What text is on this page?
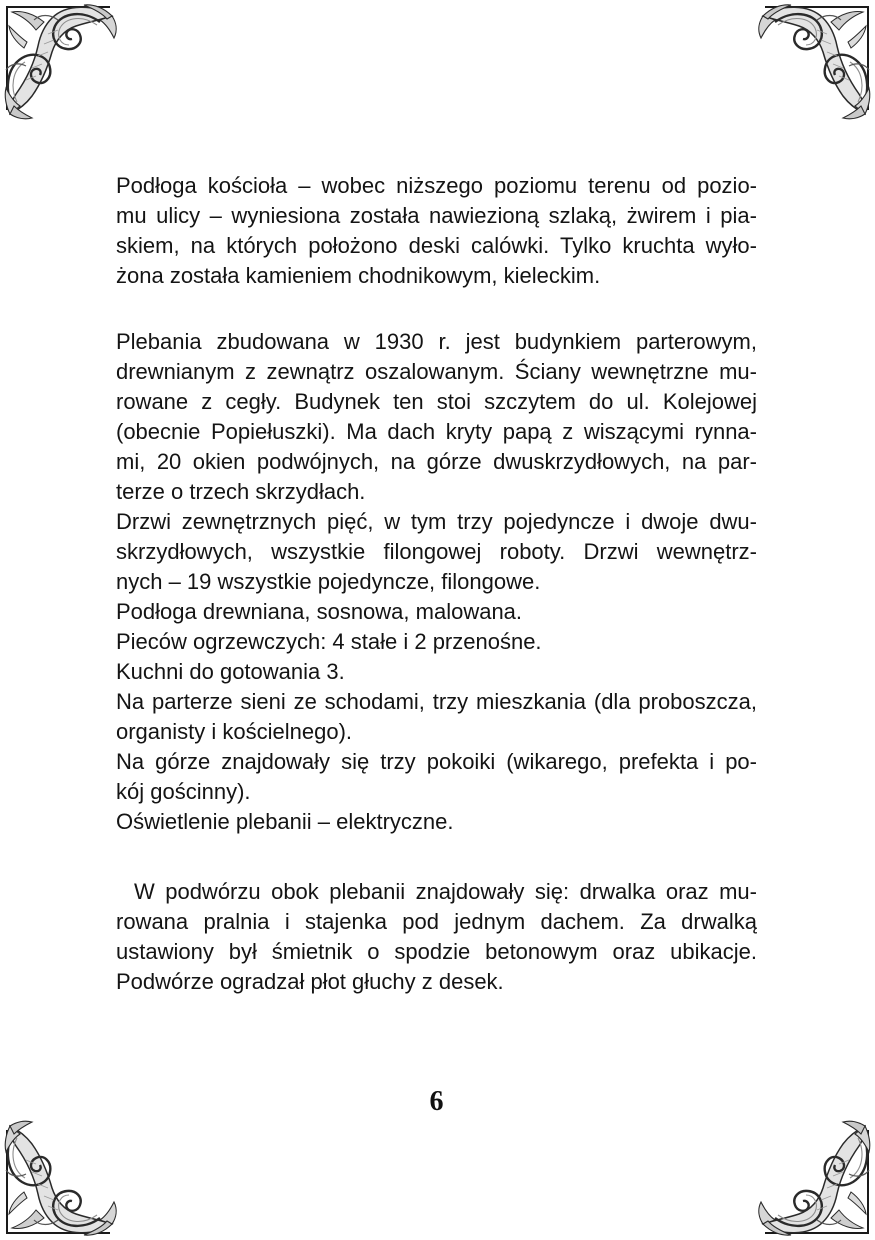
Podłoga kościoła – wobec niższego poziomu terenu od pozio-
mu ulicy – wyniesiona została nawiezioną szlaką, żwirem i pia-
skiem, na których położono deski calówki. Tylko kruchta wyło-
żona została kamieniem chodnikowym, kieleckim.
Plebania zbudowana w 1930 r. jest budynkiem parterowym,
drewnianym z zewnątrz oszalowanym. Ściany wewnętrzne mu-
rowane z cegły. Budynek ten stoi szczytem do ul. Kolejowej
(obecnie Popiełuszki). Ma dach kryty papą z wiszącymi rynna-
mi, 20 okien podwójnych, na górze dwuskrzydłowych, na par-
terze o trzech skrzydłach.
Drzwi zewnętrznych pięć, w tym trzy pojedyncze i dwoje dwu-
skrzydłowych, wszystkie filongowej roboty. Drzwi wewnętrz-
nych – 19 wszystkie pojedyncze, filongowe.
Podłoga drewniana, sosnowa, malowana.
Pieców ogrzewczych: 4 stałe i 2 przenośne.
Kuchni do gotowania 3.
Na parterze sieni ze schodami, trzy mieszkania (dla proboszcza,
organisty i kościelnego).
Na górze znajdowały się trzy pokoiki (wikarego, prefekta i po-
kój gościnny).
Oświetlenie plebanii – elektryczne.
W podwórzu obok plebanii znajdowały się: drwalka oraz mu-
rowana pralnia i stajenka pod jednym dachem. Za drwalką
ustawiony był śmietnik o spodzie betonowym oraz ubikacje.
Podwórze ogradzał płot głuchy z desek.
6
